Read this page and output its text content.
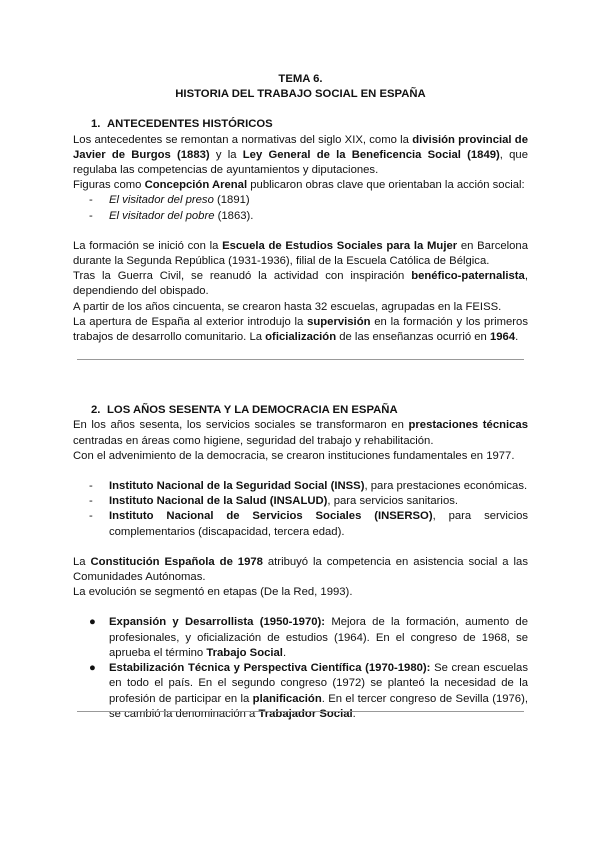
TEMA 6.
HISTORIA DEL TRABAJO SOCIAL EN ESPAÑA
1. ANTECEDENTES HISTÓRICOS

Los antecedentes se remontan a normativas del siglo XIX, como la división provincial de Javier de Burgos (1883) y la Ley General de la Beneficencia Social (1849), que regulaba las competencias de ayuntamientos y diputaciones.

Figuras como Concepción Arenal publicaron obras clave que orientaban la acción social:

- El visitador del preso (1891)
- El visitador del pobre (1863).

La formación se inició con la Escuela de Estudios Sociales para la Mujer en Barcelona durante la Segunda República (1931-1936), filial de la Escuela Católica de Bélgica.

Tras la Guerra Civil, se reanudó la actividad con inspiración benéfico-paternalista, dependiendo del obispado.

A partir de los años cincuenta, se crearon hasta 32 escuelas, agrupadas en la FEISS.

La apertura de España al exterior introdujo la supervisión en la formación y los primeros trabajos de desarrollo comunitario. La oficialización de las enseñanzas ocurrió en 1964.

2. LOS AÑOS SESENTA Y LA DEMOCRACIA EN ESPAÑA

En los años sesenta, los servicios sociales se transformaron en prestaciones técnicas centradas en áreas como higiene, seguridad del trabajo y rehabilitación.

Con el advenimiento de la democracia, se crearon instituciones fundamentales en 1977.

- Instituto Nacional de la Seguridad Social (INSS), para prestaciones económicas.
- Instituto Nacional de la Salud (INSALUD), para servicios sanitarios.
- Instituto Nacional de Servicios Sociales (INSERSO), para servicios complementarios (discapacidad, tercera edad).

La Constitución Española de 1978 atribuyó la competencia en asistencia social a las Comunidades Autónomas.

La evolución se segmentó en etapas (De la Red, 1993).

● Expansión y Desarrollista (1950-1970): Mejora de la formación, aumento de profesionales, y oficialización de estudios (1964). En el congreso de 1968, se aprueba el término Trabajo Social.
● Estabilización Técnica y Perspectiva Científica (1970-1980): Se crean escuelas en todo el país. En el segundo congreso (1972) se planteó la necesidad de la profesión de participar en la planificación. En el tercer congreso de Sevilla (1976), se cambió la denominación a Trabajador Social.
